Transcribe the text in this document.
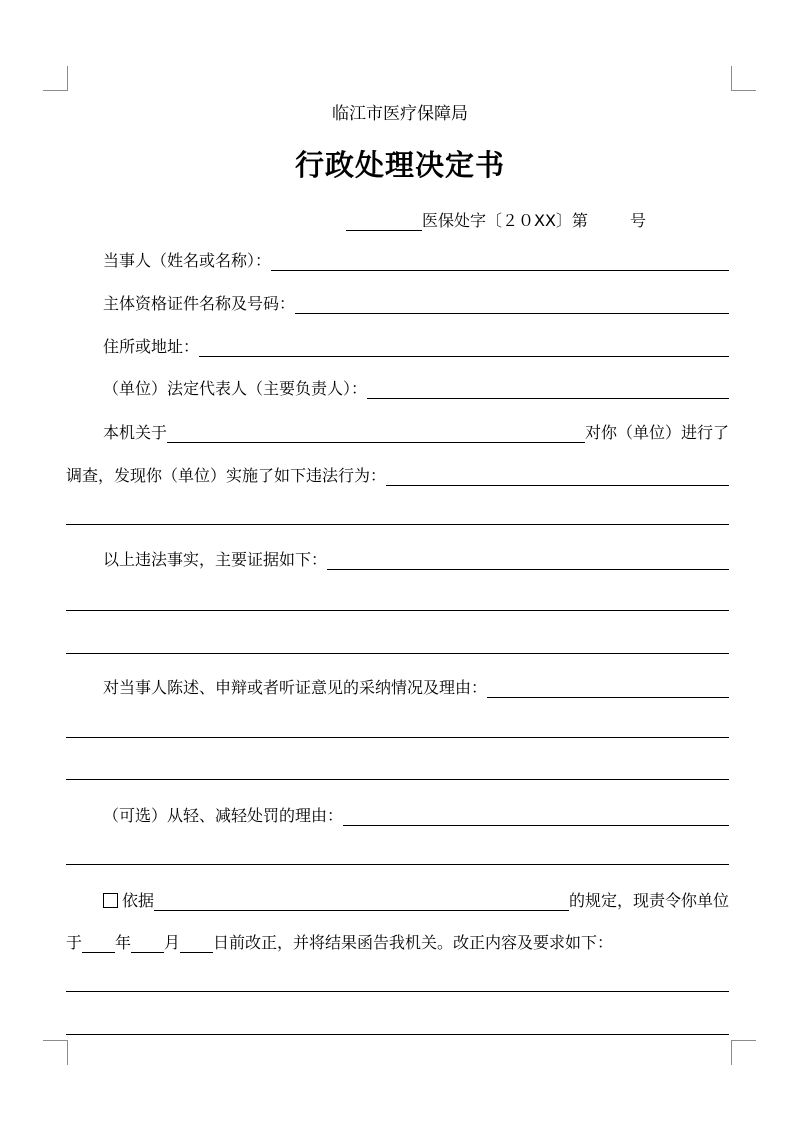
临江市医疗保障局
行政处理决定书
医保处字〔２０ⅩⅩ〕第	号
当事人（姓名或名称）：
主体资格证件名称及号码：
住所或地址：
（单位）法定代表人（主要负责人）：
本机关于	对你（单位）进行了
调查，发现你（单位）实施了如下违法行为：
以上违法事实，主要证据如下：
对当事人陈述、申辩或者听证意见的采纳情况及理由：
（可选）从轻、减轻处罚的理由：
依据	的规定，现责令你单位
于 年 月 日前改正，并将结果函告我机关。改正内容及要求如下：
